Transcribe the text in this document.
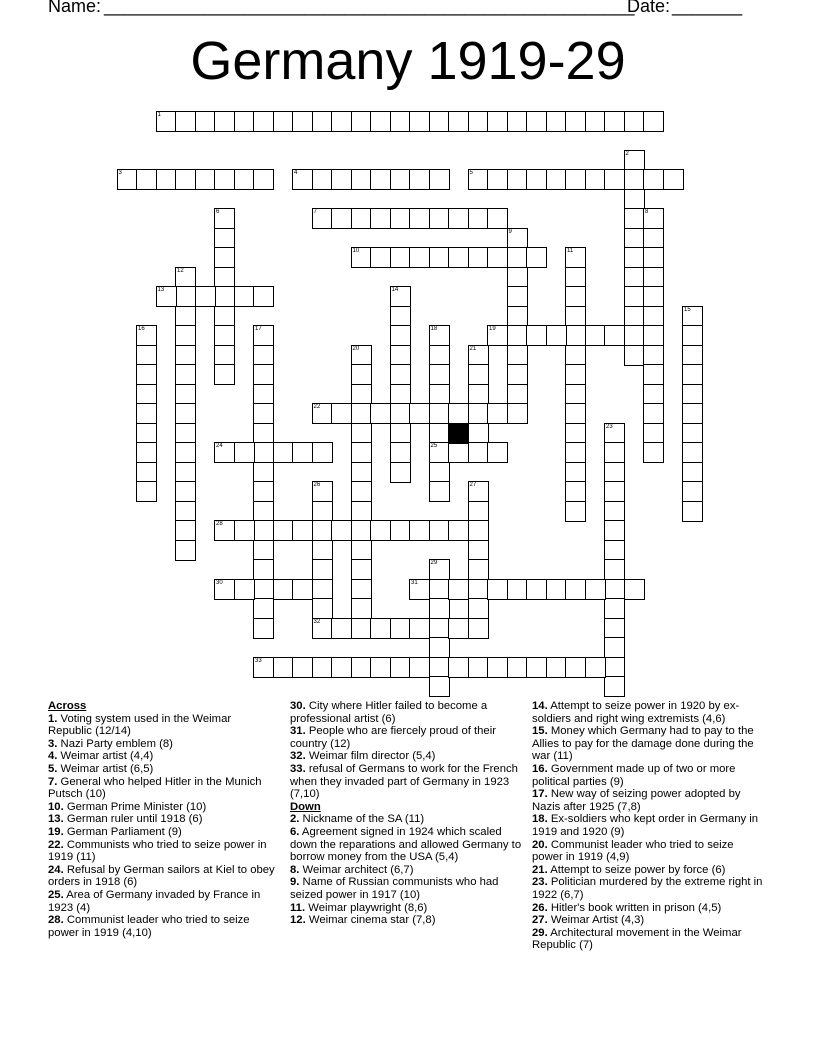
Name: _____________________________________________________
Date: _______
Germany 1919-29
1
2
3	4	5
6	7	8
9
10	11
12
13	14
15
16	17	18
25
19
20	21
22
23
24
26
32
27
28
29
30	31
33

Across

1. Voting system used in the Weimar Republic (12/14)

3. Nazi Party emblem (8)

4. Weimar artist (4,4)

5. Weimar artist (6,5)

7. General who helped Hitler in the Munich Putsch (10)

10. German Prime Minister (10)

13. German ruler until 1918 (6)

19. German Parliament (9)

22. Communists who tried to seize power in 1919 (11)

24. Refusal by German sailors at Kiel to obey orders in 1918 (6)

25. Area of Germany invaded by France in 1923 (4)

28. Communist leader who tried to seize power in 1919 (4,10)

30. City where Hitler failed to become a professional artist (6)

31. People who are fiercely proud of their country (12)

32. Weimar film director (5,4)

33. refusal of Germans to work for the French when they invaded part of Germany in 1923 (7,10)

Down

2. Nickname of the SA (11)

6. Agreement signed in 1924 which scaled down the reparations and allowed Germany to borrow money from the USA (5,4)

8. Weimar architect (6,7)

9. Name of Russian communists who had seized power in 1917 (10)

11. Weimar playwright (8,6)

12. Weimar cinema star (7,8)

14. Attempt to seize power in 1920 by ex-soldiers and right wing extremists (4,6)

15. Money which Germany had to pay to the Allies to pay for the damage done during the war (11)

16. Government made up of two or more political parties (9)

17. New way of seizing power adopted by Nazis after 1925 (7,8)

18. Ex-soldiers who kept order in Germany in 1919 and 1920 (9)

20. Communist leader who tried to seize power in 1919 (4,9)

21. Attempt to seize power by force (6)

23. Politician murdered by the extreme right in 1922 (6,7)

26. Hitler's book written in prison (4,5)

27. Weimar Artist (4,3)

29. Architectural movement in the Weimar Republic (7)
